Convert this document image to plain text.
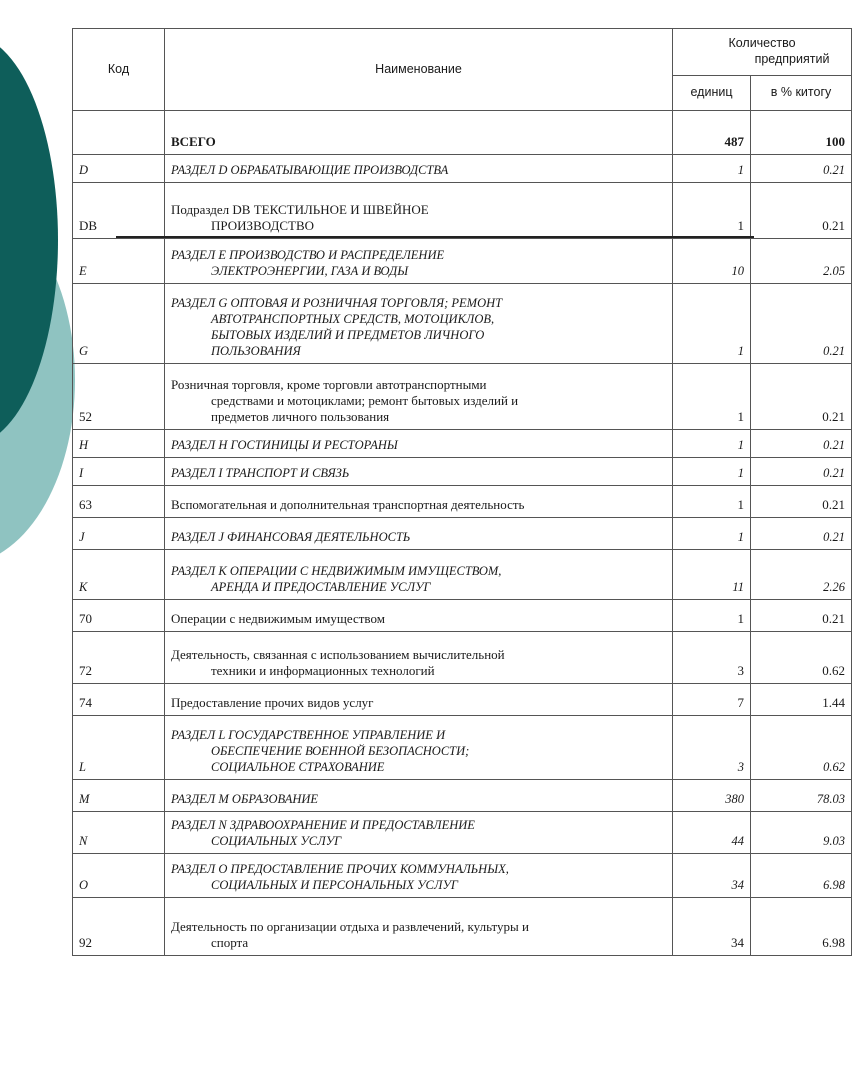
Код	Наименование	Количество
предприятий	

		единиц	в % китогу

	ВСЕГО	487	100
D	РАЗДЕЛ D ОБРАБАТЫВАЮЩИЕ ПРОИЗВОДСТВА	1	0.21
DB	Подраздел DB ТЕКСТИЛЬНОЕ И ШВЕЙНОЕ
ПРОИЗВОДСТВО	1	0.21
E	РАЗДЕЛ E ПРОИЗВОДСТВО И РАСПРЕДЕЛЕНИЕ
ЭЛЕКТРОЭНЕРГИИ, ГАЗА И ВОДЫ	10	2.05
G	РАЗДЕЛ G ОПТОВАЯ И РОЗНИЧНАЯ ТОРГОВЛЯ; РЕМОНТ
АВТОТРАНСПОРТНЫХ СРЕДСТВ, МОТОЦИКЛОВ,
БЫТОВЫХ ИЗДЕЛИЙ И ПРЕДМЕТОВ ЛИЧНОГО
ПОЛЬЗОВАНИЯ	1	0.21
52	Розничная торговля, кроме торговли автотранспортными
средствами и мотоциклами; ремонт бытовых изделий и
предметов личного пользования	1	0.21
H	РАЗДЕЛ H ГОСТИНИЦЫ И РЕСТОРАНЫ	1	0.21
I	РАЗДЕЛ I ТРАНСПОРТ И СВЯЗЬ	1	0.21
63	Вспомогательная и дополнительная транспортная деятельность	1	0.21
J	РАЗДЕЛ J ФИНАНСОВАЯ ДЕЯТЕЛЬНОСТЬ	1	0.21
K	РАЗДЕЛ K ОПЕРАЦИИ С НЕДВИЖИМЫМ ИМУЩЕСТВОМ,
АРЕНДА И ПРЕДОСТАВЛЕНИЕ УСЛУГ	11	2.26
70	Операции с недвижимым имуществом	1	0.21
72	Деятельность, связанная с использованием вычислительной
техники и информационных технологий	3	0.62
74	Предоставление прочих видов услуг	7	1.44
L	РАЗДЕЛ L ГОСУДАРСТВЕННОЕ УПРАВЛЕНИЕ И
ОБЕСПЕЧЕНИЕ ВОЕННОЙ БЕЗОПАСНОСТИ;
СОЦИАЛЬНОЕ СТРАХОВАНИЕ	3	0.62
M	РАЗДЕЛ M ОБРАЗОВАНИЕ	380	78.03
N	РАЗДЕЛ N ЗДРАВООХРАНЕНИЕ И ПРЕДОСТАВЛЕНИЕ
СОЦИАЛЬНЫХ УСЛУГ	44	9.03
O	РАЗДЕЛ O ПРЕДОСТАВЛЕНИЕ ПРОЧИХ КОММУНАЛЬНЫХ,
СОЦИАЛЬНЫХ И ПЕРСОНАЛЬНЫХ УСЛУГ	34	6.98
92	Деятельность по организации отдыха и развлечений, культуры и
спорта	34	6.98
